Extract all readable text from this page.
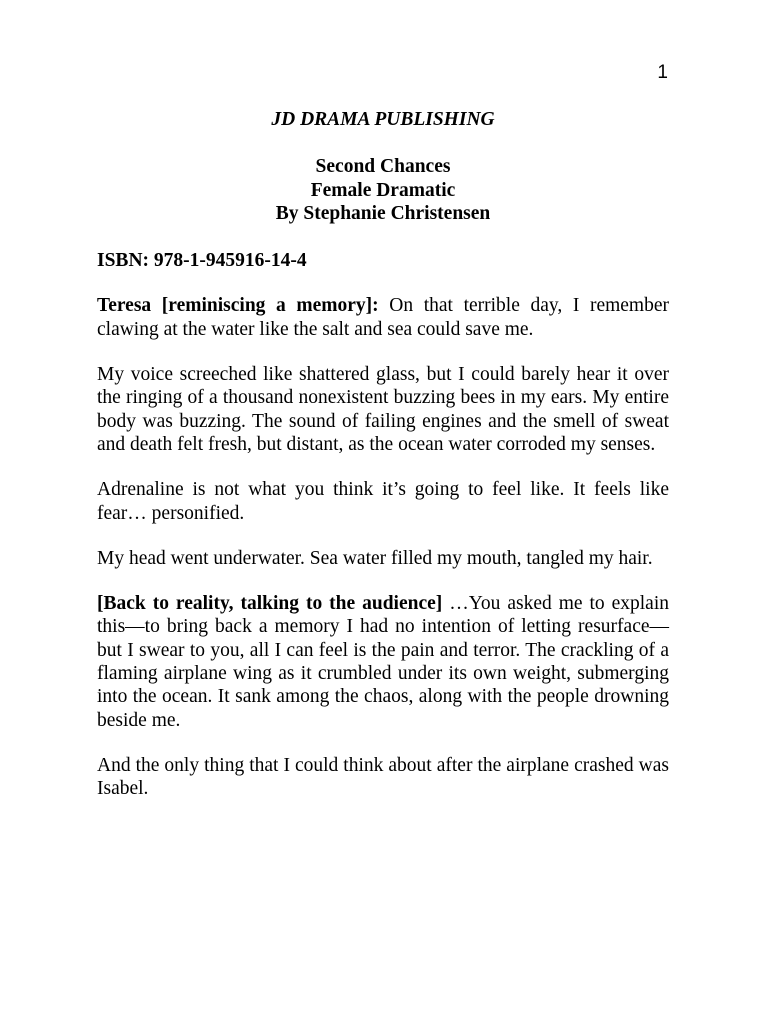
1
JD DRAMA PUBLISHING
Second Chances
Female Dramatic
By Stephanie Christensen
ISBN: 978-1-945916-14-4

Teresa [reminiscing a memory]: On that terrible day, I remember clawing at the water like the salt and sea could save me.

My voice screeched like shattered glass, but I could barely hear it over the ringing of a thousand nonexistent buzzing bees in my ears. My entire body was buzzing. The sound of failing engines and the smell of sweat and death felt fresh, but distant, as the ocean water corroded my senses.

Adrenaline is not what you think it’s going to feel like. It feels like fear… personified.

My head went underwater. Sea water filled my mouth, tangled my hair.

[Back to reality, talking to the audience] …You asked me to explain this—to bring back a memory I had no intention of letting resurface—but I swear to you, all I can feel is the pain and terror. The crackling of a flaming airplane wing as it crumbled under its own weight, submerging into the ocean. It sank among the chaos, along with the people drowning beside me.

And the only thing that I could think about after the airplane crashed was Isabel.
